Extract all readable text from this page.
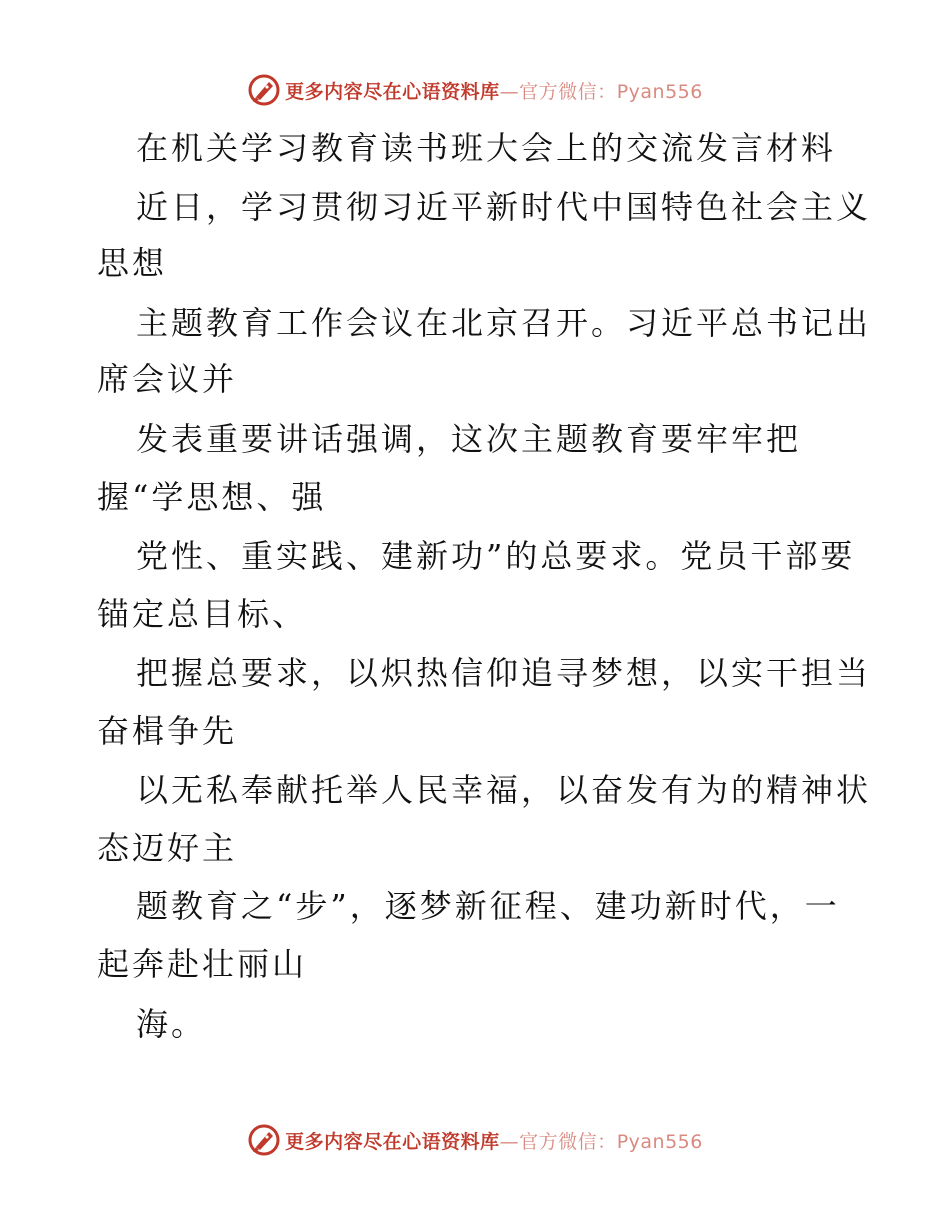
更多内容尽在心语资料库—官方微信：Pyan556
在机关学习教育读书班大会上的交流发言材料
近日，学习贯彻习近平新时代中国特色社会主义
思想
主题教育工作会议在北京召开。习近平总书记出
席会议并
发表重要讲话强调，这次主题教育要牢牢把
握“学思想、强
党性、重实践、建新功”的总要求。党员干部要
锚定总目标、
把握总要求，以炽热信仰追寻梦想，以实干担当
奋楫争先
以无私奉献托举人民幸福，以奋发有为的精神状
态迈好主
题教育之“步”，逐梦新征程、建功新时代，一
起奔赴壮丽山
海。
更多内容尽在心语资料库—官方微信：Pyan556
